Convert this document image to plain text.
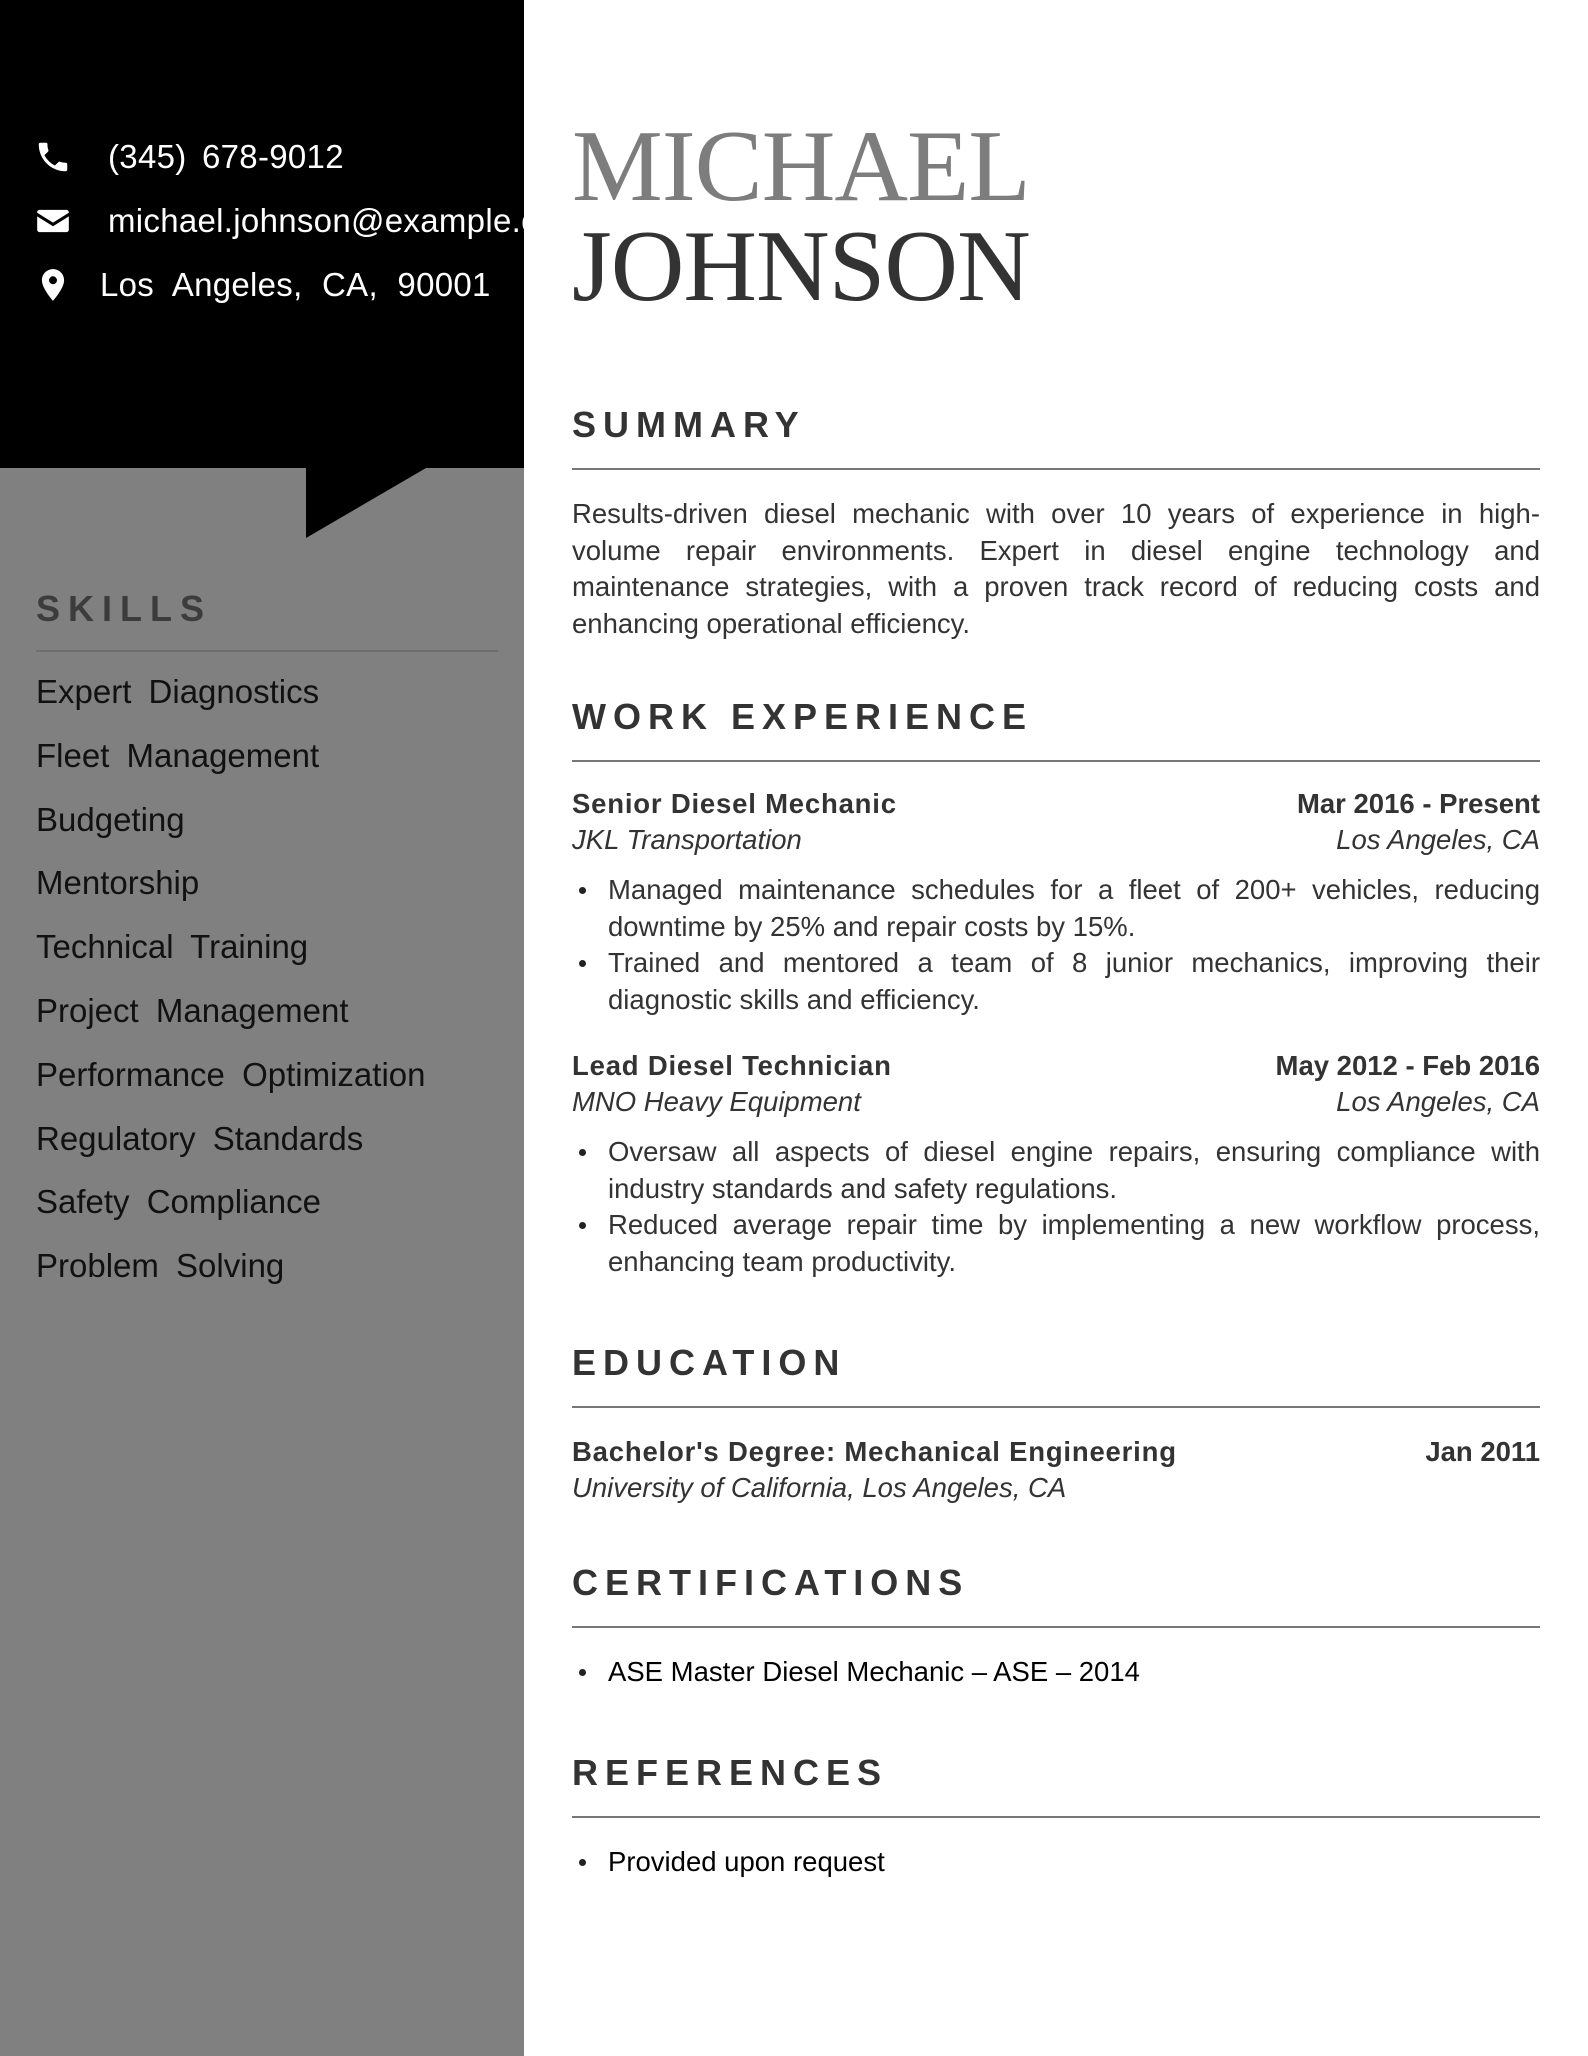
(345) 678-9012
michael.johnson@example.com
Los Angeles, CA, 90001
SKILLS
Expert Diagnostics
Fleet Management
Budgeting
Mentorship
Technical Training
Project Management
Performance Optimization
Regulatory Standards
Safety Compliance
Problem Solving
MICHAEL
JOHNSON
SUMMARY

Results-driven diesel mechanic with over 10 years of experience in high-volume repair environments. Expert in diesel engine technology and maintenance strategies, with a proven track record of reducing costs and enhancing operational efficiency.

WORK EXPERIENCE
Senior Diesel Mechanic	Mar 2016 - Present
JKL Transportation	Los Angeles, CA
Managed maintenance schedules for a fleet of 200+ vehicles, reducing downtime by 25% and repair costs by 15%.
Trained and mentored a team of 8 junior mechanics, improving their diagnostic skills and efficiency.
Lead Diesel Technician	May 2012 - Feb 2016
MNO Heavy Equipment	Los Angeles, CA
Oversaw all aspects of diesel engine repairs, ensuring compliance with industry standards and safety regulations.
Reduced average repair time by implementing a new workflow process, enhancing team productivity.
EDUCATION
Bachelor's Degree: Mechanical Engineering	Jan 2011
University of California, Los Angeles, CA
CERTIFICATIONS
ASE Master Diesel Mechanic – ASE – 2014
REFERENCES
Provided upon request
